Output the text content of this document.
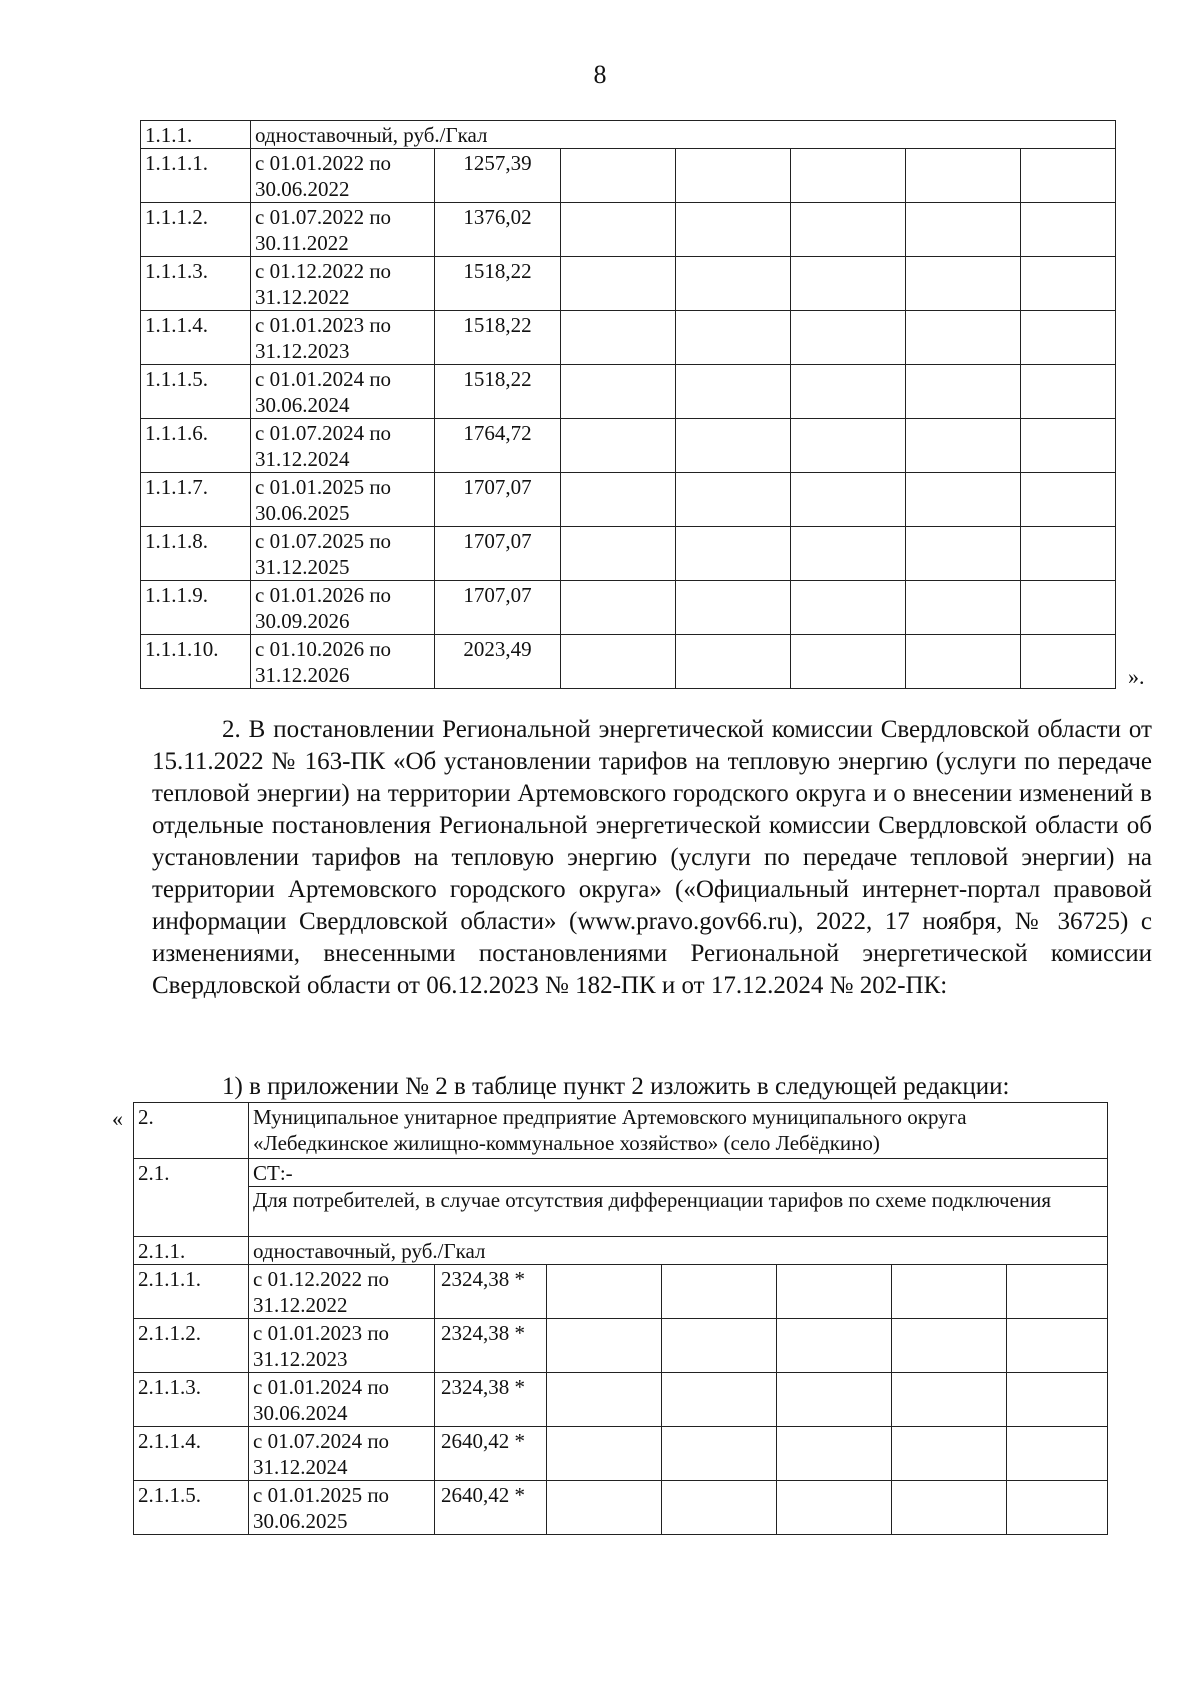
8
1.1.1.	одноставочный, руб./Гкал						
1.1.1.1.	с 01.01.2022 по 30.06.2022	1257,39					
1.1.1.2.	с 01.07.2022 по 30.11.2022	1376,02					
1.1.1.3.	с 01.12.2022 по 31.12.2022	1518,22					
1.1.1.4.	с 01.01.2023 по 31.12.2023	1518,22					
1.1.1.5.	с 01.01.2024 по 30.06.2024	1518,22					
1.1.1.6.	с 01.07.2024 по 31.12.2024	1764,72					
1.1.1.7.	с 01.01.2025 по 30.06.2025	1707,07					
1.1.1.8.	с 01.07.2025 по 31.12.2025	1707,07					
1.1.1.9.	с 01.01.2026 по 30.09.2026	1707,07					
1.1.1.10.	с 01.10.2026 по 31.12.2026	2023,49					
».
2. В постановлении Региональной энергетической комиссии Свердловской области от 15.11.2022 № 163-ПК «Об установлении тарифов на тепловую энергию (услуги по передаче тепловой энергии) на территории Артемовского городского округа и о внесении изменений в отдельные постановления Региональной энергетической комиссии Свердловской области об установлении тарифов на тепловую энергию (услуги по передаче тепловой энергии) на территории Артемовского городского округа» («Официальный интернет-портал правовой информации Свердловской области» (www.pravo.gov66.ru), 2022, 17 ноября, № 36725) с изменениями, внесенными постановлениями Региональной энергетической комиссии Свердловской области от 06.12.2023 № 182-ПК и от 17.12.2024 № 202-ПК:
1) в приложении № 2 в таблице пункт 2 изложить в следующей редакции:
« 2.	Муниципальное унитарное предприятие Артемовского муниципального округа «Лебедкинское жилищно-коммунальное хозяйство» (село Лебёдкино)						
2.1.	СТ:-						
	Для потребителей, в случае отсутствия дифференциации тарифов по схеме подключения						
2.1.1.	одноставочный, руб./Гкал						
2.1.1.1.	с 01.12.2022 по 31.12.2022	2324,38 *					
2.1.1.2.	с 01.01.2023 по 31.12.2023	2324,38 *					
2.1.1.3.	с 01.01.2024 по 30.06.2024	2324,38 *					
2.1.1.4.	с 01.07.2024 по 31.12.2024	2640,42 *					
2.1.1.5.	с 01.01.2025 по 30.06.2025	2640,42 *					
